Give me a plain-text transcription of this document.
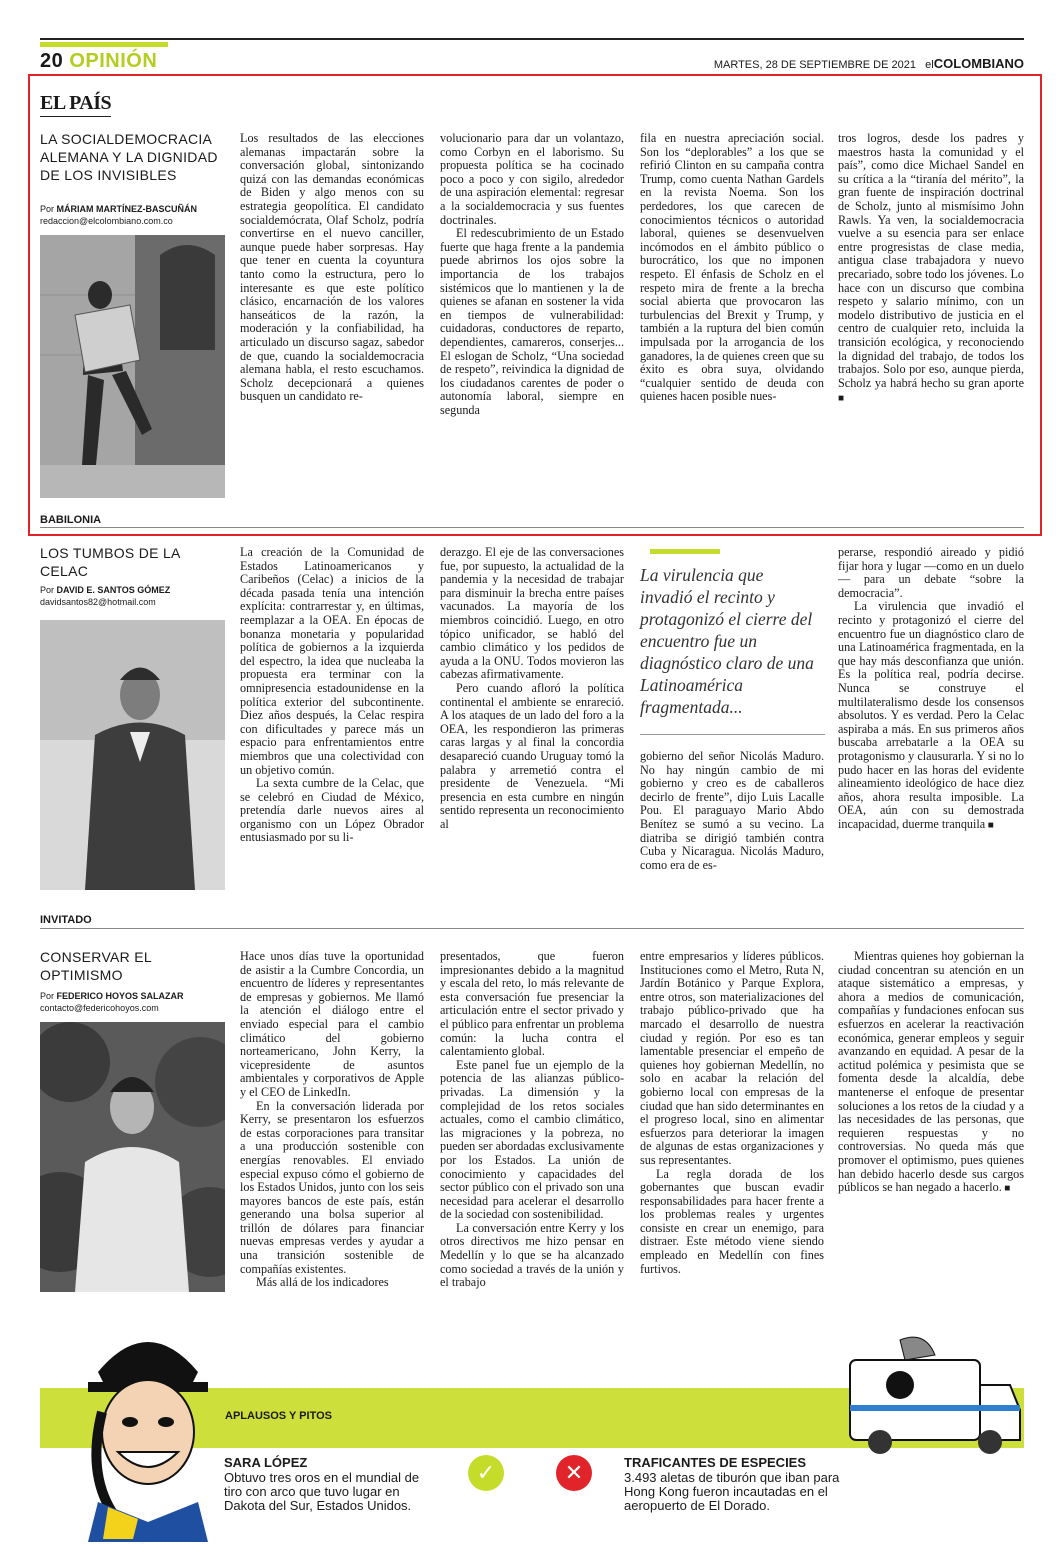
20 OPINIÓN	MARTES, 28 DE SEPTIEMBRE DE 2021 elCOLOMBIANO
EL PAÍS
LA SOCIALDEMOCRACIA ALEMANA Y LA DIGNIDAD DE LOS INVISIBLES
Por MÁRIAM MARTÍNEZ-BASCUÑÁN
redaccion@elcolombiano.com.co

Los resultados de las elecciones alemanas impactarán sobre la conversación global, sintonizando quizá con las demandas económicas de Biden y algo menos con su estrategia geopolítica. El candidato socialdemócrata, Olaf Scholz, podría convertirse en el nuevo canciller, aunque puede haber sorpresas. Hay que tener en cuenta la coyuntura tanto como la estructura, pero lo interesante es que este político clásico, encarnación de los valores hanseáticos de la razón, la moderación y la confiabilidad, ha articulado un discurso sagaz, sabedor de que, cuando la socialdemocracia alemana habla, el resto escuchamos. Scholz decepcionará a quienes busquen un candidato re-

volucionario para dar un volantazo, como Corbyn en el laborismo. Su propuesta política se ha cocinado poco a poco y con sigilo, alrededor de una aspiración elemental: regresar a la socialdemocracia y sus fuentes doctrinales.

El redescubrimiento de un Estado fuerte que haga frente a la pandemia puede abrirnos los ojos sobre la importancia de los trabajos sistémicos que lo mantienen y la de quienes se afanan en sostener la vida en tiempos de vulnerabilidad: cuidadoras, conductores de reparto, dependientes, camareros, conserjes... El eslogan de Scholz, “Una sociedad de respeto”, reivindica la dignidad de los ciudadanos carentes de poder o autonomía laboral, siempre en segunda

fila en nuestra apreciación social. Son los “deplorables” a los que se refirió Clinton en su campaña contra Trump, como cuenta Nathan Gardels en la revista Noema. Son los perdedores, los que carecen de conocimientos técnicos o autoridad laboral, quienes se desenvuelven incómodos en el ámbito público o burocrático, los que no imponen respeto. El énfasis de Scholz en el respeto mira de frente a la brecha social abierta que provocaron las turbulencias del Brexit y Trump, y también a la ruptura del bien común impulsada por la arrogancia de los ganadores, la de quienes creen que su éxito es obra suya, olvidando “cualquier sentido de deuda con quienes hacen posible nues-

tros logros, desde los padres y maestros hasta la comunidad y el país”, como dice Michael Sandel en su crítica a la “tiranía del mérito”, la gran fuente de inspiración doctrinal de Scholz, junto al mismísimo John Rawls. Ya ven, la socialdemocracia vuelve a su esencia para ser enlace entre progresistas de clase media, antigua clase trabajadora y nuevo precariado, sobre todo los jóvenes. Lo hace con un discurso que combina respeto y salario mínimo, con un modelo distributivo de justicia en el centro de cualquier reto, incluida la transición ecológica, y reconociendo la dignidad del trabajo, de todos los trabajos. Solo por eso, aunque pierda, Scholz ya habrá hecho su gran aporte ■

BABILONIA
LOS TUMBOS DE LA CELAC
Por DAVID E. SANTOS GÓMEZ
davidsantos82@hotmail.com

La creación de la Comunidad de Estados Latinoamericanos y Caribeños (Celac) a inicios de la década pasada tenía una intención explícita: contrarrestar y, en últimas, reemplazar a la OEA. En épocas de bonanza monetaria y popularidad política de gobiernos a la izquierda del espectro, la idea que nucleaba la propuesta era terminar con la omnipresencia estadounidense en la política exterior del subcontinente. Diez años después, la Celac respira con dificultades y parece más un espacio para enfrentamientos entre miembros que una colectividad con un objetivo común.

La sexta cumbre de la Celac, que se celebró en Ciudad de México, pretendía darle nuevos aires al organismo con un López Obrador entusiasmado por su li-

derazgo. El eje de las conversaciones fue, por supuesto, la actualidad de la pandemia y la necesidad de trabajar para disminuir la brecha entre países vacunados. La mayoría de los miembros coincidió. Luego, en otro tópico unificador, se habló del cambio climático y los pedidos de ayuda a la ONU. Todos movieron las cabezas afirmativamente.

Pero cuando afloró la política continental el ambiente se enrareció. A los ataques de un lado del foro a la OEA, les respondieron las primeras caras largas y al final la concordia desapareció cuando Uruguay tomó la palabra y arremetió contra el presidente de Venezuela. “Mi presencia en esta cumbre en ningún sentido representa un reconocimiento al

La virulencia que invadió el recinto y protagonizó el cierre del encuentro fue un diagnóstico claro de una Latinoamérica fragmentada...

gobierno del señor Nicolás Maduro. No hay ningún cambio de mi gobierno y creo es de caballeros decirlo de frente”, dijo Luis Lacalle Pou. El paraguayo Mario Abdo Benítez se sumó a su vecino. La diatriba se dirigió también contra Cuba y Nicaragua. Nicolás Maduro, como era de es-

perarse, respondió aireado y pidió fijar hora y lugar —como en un duelo— para un debate “sobre la democracia”.

La virulencia que invadió el recinto y protagonizó el cierre del encuentro fue un diagnóstico claro de una Latinoamérica fragmentada, en la que hay más desconfianza que unión. Es la política real, podría decirse. Nunca se construye el multilateralismo desde los consensos absolutos. Y es verdad. Pero la Celac aspiraba a más. En sus primeros años buscaba arrebatarle a la OEA su protagonismo y clausurarla. Y si no lo pudo hacer en las horas del evidente alineamiento ideológico de hace diez años, ahora resulta imposible. La OEA, aún con su demostrada incapacidad, duerme tranquila ■

INVITADO
CONSERVAR EL OPTIMISMO
Por FEDERICO HOYOS SALAZAR
contacto@federicohoyos.com

Hace unos días tuve la oportunidad de asistir a la Cumbre Concordia, un encuentro de líderes y representantes de empresas y gobiernos. Me llamó la atención el diálogo entre el enviado especial para el cambio climático del gobierno norteamericano, John Kerry, la vicepresidente de asuntos ambientales y corporativos de Apple y el CEO de LinkedIn.

En la conversación liderada por Kerry, se presentaron los esfuerzos de estas corporaciones para transitar a una producción sostenible con energías renovables. El enviado especial expuso cómo el gobierno de los Estados Unidos, junto con los seis mayores bancos de este país, están generando una bolsa superior al trillón de dólares para financiar nuevas empresas verdes y ayudar a una transición sostenible de compañías existentes.

Más allá de los indicadores

presentados, que fueron impresionantes debido a la magnitud y escala del reto, lo más relevante de esta conversación fue presenciar la articulación entre el sector privado y el público para enfrentar un problema común: la lucha contra el calentamiento global.

Este panel fue un ejemplo de la potencia de las alianzas público-privadas. La dimensión y la complejidad de los retos sociales actuales, como el cambio climático, las migraciones y la pobreza, no pueden ser abordadas exclusivamente por los Estados. La unión de conocimiento y capacidades del sector público con el privado son una necesidad para acelerar el desarrollo de la sociedad con sostenibilidad.

La conversación entre Kerry y los otros directivos me hizo pensar en Medellín y lo que se ha alcanzado como sociedad a través de la unión y el trabajo

entre empresarios y líderes públicos. Instituciones como el Metro, Ruta N, Jardín Botánico y Parque Explora, entre otros, son materializaciones del trabajo público-privado que ha marcado el desarrollo de nuestra ciudad y región. Por eso es tan lamentable presenciar el empeño de quienes hoy gobiernan Medellín, no solo en acabar la relación del gobierno local con empresas de la ciudad que han sido determinantes en el progreso local, sino en alimentar esfuerzos para deteriorar la imagen de algunas de estas organizaciones y sus representantes.

La regla dorada de los gobernantes que buscan evadir responsabilidades para hacer frente a los problemas reales y urgentes consiste en crear un enemigo, para distraer. Este método viene siendo empleado en Medellín con fines furtivos.

Mientras quienes hoy gobiernan la ciudad concentran su atención en un ataque sistemático a empresas, y ahora a medios de comunicación, compañías y fundaciones enfocan sus esfuerzos en acelerar la reactivación económica, generar empleos y seguir avanzando en equidad. A pesar de la actitud polémica y pesimista que se fomenta desde la alcaldía, debe mantenerse el enfoque de presentar soluciones a los retos de la ciudad y a las necesidades de las personas, que requieren respuestas y no controversias. No queda más que promover el optimismo, pues quienes han debido hacerlo desde sus cargos públicos se han negado a hacerlo. ■

APLAUSOS Y PITOS
SARA LÓPEZ
Obtuvo tres oros en el mundial de tiro con arco que tuvo lugar en Dakota del Sur, Estados Unidos.
✓	✕	TRAFICANTES DE ESPECIES
3.493 aletas de tiburón que iban para Hong Kong fueron incautadas en el aeropuerto de El Dorado.
